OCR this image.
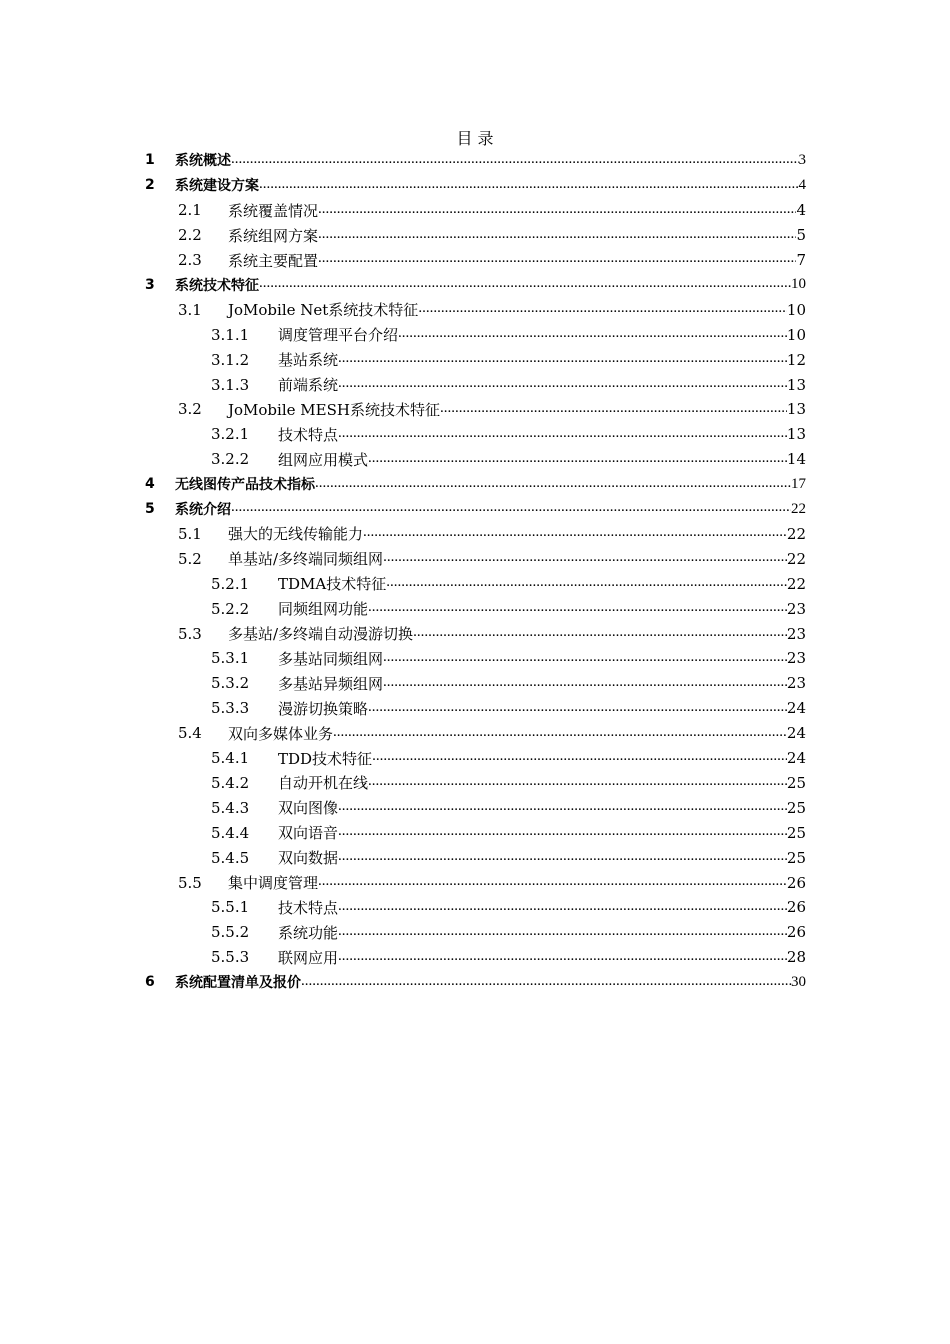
目 录
1	系统概述 .....	3
2	系统建设方案 .....	4
2.1	系统覆盖情况 .....	4
2.2	系统组网方案 .....	5
2.3	系统主要配置 .....	7
3	系统技术特征 .....	10
3.1	JoMobile Net系统技术特征 .....	10
3.1.1	调度管理平台介绍 .....	10
3.1.2	基站系统 .....	12
3.1.3	前端系统 .....	13
3.2	JoMobile MESH系统技术特征 .....	13
3.2.1	技术特点 .....	13
3.2.2	组网应用模式 .....	14
4	无线图传产品技术指标 .....	17
5	系统介绍 .....	22
5.1	强大的无线传输能力 .....	22
5.2	单基站/多终端同频组网 .....	22
5.2.1	TDMA技术特征 .....	22
5.2.2	同频组网功能 .....	23
5.3	多基站/多终端自动漫游切换 .....	23
5.3.1	多基站同频组网 .....	23
5.3.2	多基站异频组网 .....	23
5.3.3	漫游切换策略 .....	24
5.4	双向多媒体业务 .....	24
5.4.1	TDD技术特征 .....	24
5.4.2	自动开机在线 .....	25
5.4.3	双向图像 .....	25
5.4.4	双向语音 .....	25
5.4.5	双向数据 .....	25
5.5	集中调度管理 .....	26
5.5.1	技术特点 .....	26
5.5.2	系统功能 .....	26
5.5.3	联网应用 .....	28
6	系统配置清单及报价 .....	30
